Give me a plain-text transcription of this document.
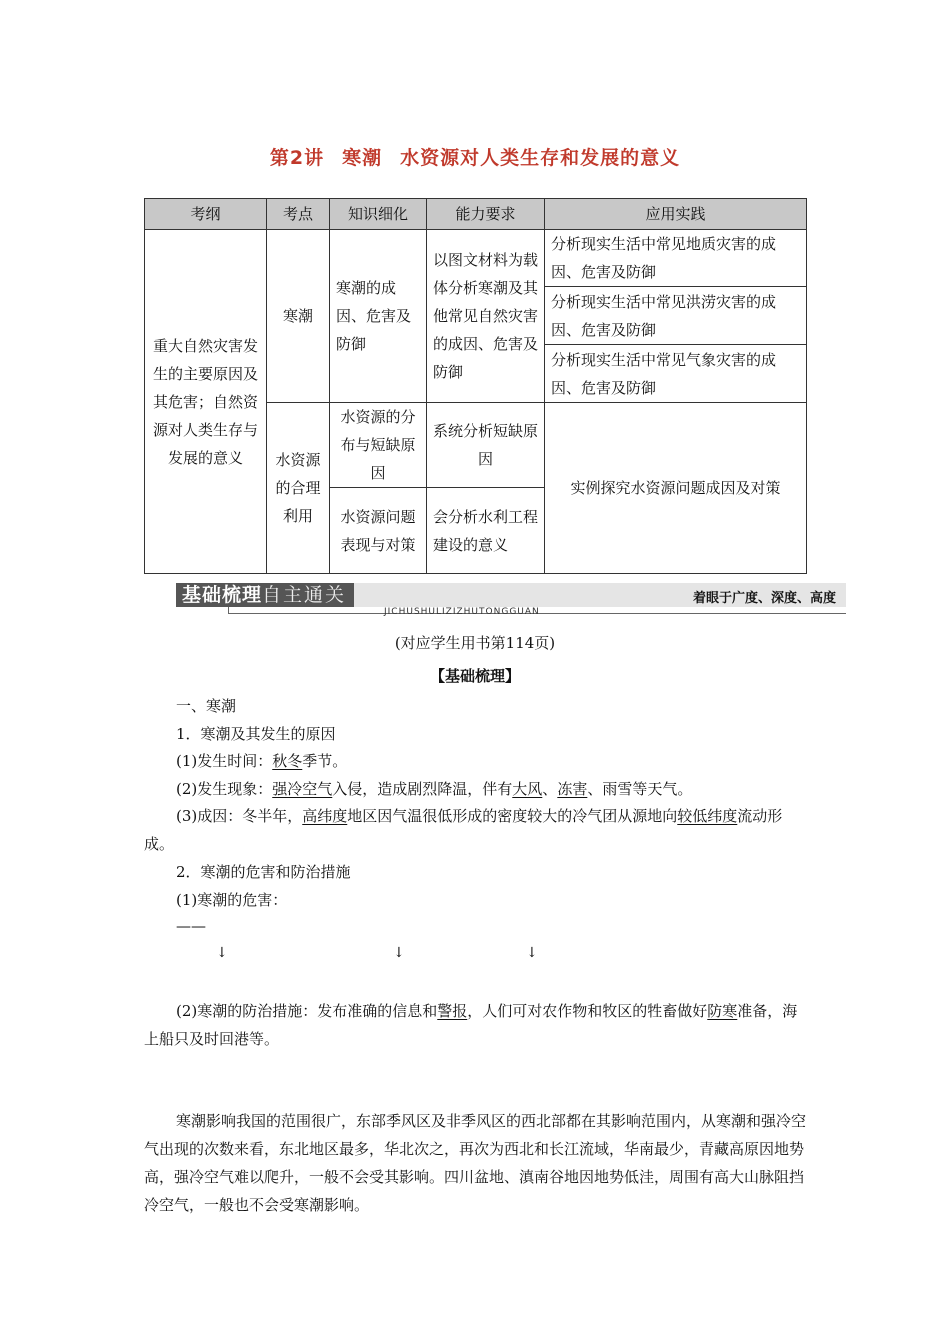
第2讲 寒潮 水资源对人类生存和发展的意义
考纲	考点	知识细化	能力要求	应用实践
重大自然灾害发生的主要原因及其危害；自然资源对人类生存与发展的意义	寒潮	寒潮的成因、危害及防御	以图文材料为载体分析寒潮及其他常见自然灾害的成因、危害及防御	分析现实生活中常见地质灾害的成因、危害及防御
				分析现实生活中常见洪涝灾害的成因、危害及防御
				分析现实生活中常见气象灾害的成因、危害及防御
	水资源的合理利用	水资源的分布与短缺原因	系统分析短缺原因	实例探究水资源问题成因及对策
		水资源问题表现与对策	会分析水利工程建设的意义	
基础梳理自主通关
JICHUSHULIZIZHUTONGGUAN
着眼于广度、深度、高度
(对应学生用书第114页)
【基础梳理】
一、寒潮
1．寒潮及其发生的原因
(1)发生时间：秋冬季节。
(2)发生现象：强冷空气入侵，造成剧烈降温，伴有大风、冻害、雨雪等天气。
(3)成因：冬半年，高纬度地区因气温很低形成的密度较大的冷气团从源地向较低纬度流动形成。
2．寒潮的危害和防治措施
(1)寒潮的危害：
——
↓	↓	↓
(2)寒潮的防治措施：发布准确的信息和警报，人们可对农作物和牧区的牲畜做好防寒准备，海上船只及时回港等。
寒潮影响我国的范围很广，东部季风区及非季风区的西北部都在其影响范围内，从寒潮和强冷空气出现的次数来看，东北地区最多，华北次之，再次为西北和长江流域，华南最少，青藏高原因地势高，强冷空气难以爬升，一般不会受其影响。四川盆地、滇南谷地因地势低洼，周围有高大山脉阻挡冷空气，一般也不会受寒潮影响。
